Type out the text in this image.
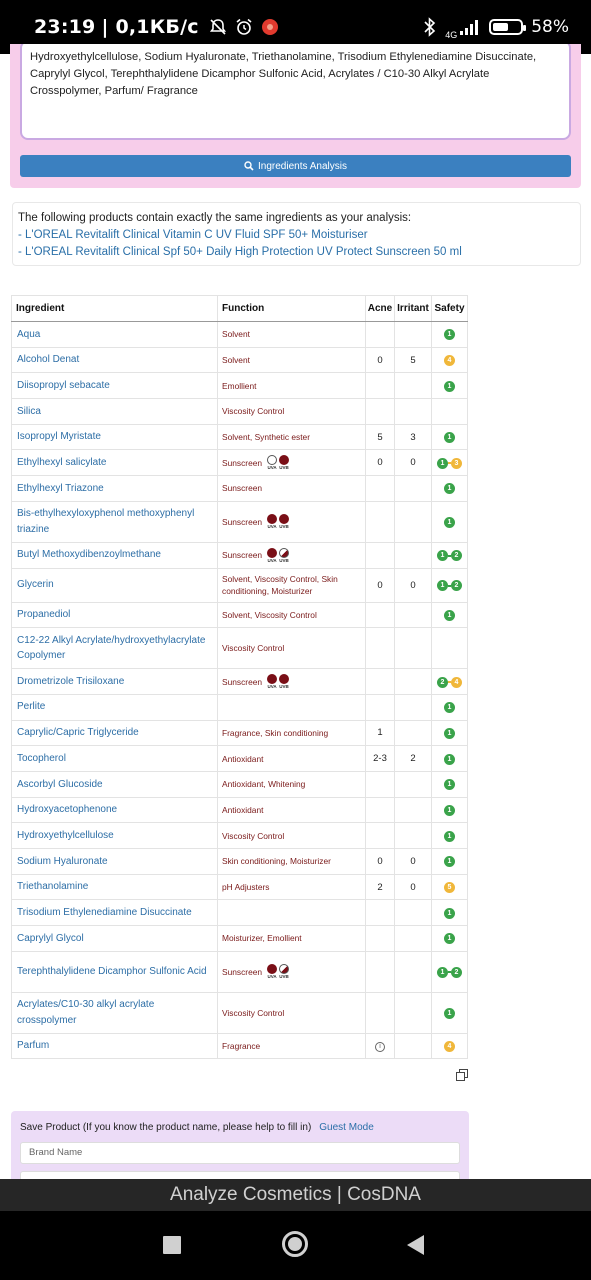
23:19 | 0,1КБ/с	4G	58%
Hydroxyethylcellulose, Sodium Hyaluronate, Triethanolamine, Trisodium Ethylenediamine Disuccinate, Caprylyl Glycol, Terephthalylidene Dicamphor Sulfonic Acid, Acrylates / C10-30 Alkyl Acrylate Crosspolymer, Parfum/ Fragrance
Ingredients Analysis
The following products contain exactly the same ingredients as your analysis:
- L'OREAL Revitalift Clinical Vitamin C UV Fluid SPF 50+ Moisturiser
- L'OREAL Revitalift Clinical Spf 50+ Daily High Protection UV Protect Sunscreen 50 ml
Ingredient	Function	Acne	Irritant	Safety
Aqua	Solvent			1

Alcohol Denat	Solvent	0	5	4

Diisopropyl sebacate	Emollient			1

Silica	Viscosity Control			

Isopropyl Myristate	Solvent, Synthetic ester	5	3	1

Ethylhexyl salicylate	Sunscreen UVA UVB	0	0	1 3

Ethylhexyl Triazone	Sunscreen			1

Bis-ethylhexyloxyphenol methoxyphenyl triazine	Sunscreen UVA UVB			1

Butyl Methoxydibenzoylmethane	Sunscreen UVA UVB			1 2

Glycerin	Solvent, Viscosity Control, Skin conditioning, Moisturizer	0	0	1 2

Propanediol	Solvent, Viscosity Control			1

C12-22 Alkyl Acrylate/hydroxyethylacrylate Copolymer	Viscosity Control			

Drometrizole Trisiloxane	Sunscreen UVA UVB			2 4

Perlite				1

Caprylic/Capric Triglyceride	Fragrance, Skin conditioning	1		1

Tocopherol	Antioxidant	2-3	2	1

Ascorbyl Glucoside	Antioxidant, Whitening			1

Hydroxyacetophenone	Antioxidant			1

Hydroxyethylcellulose	Viscosity Control			1

Sodium Hyaluronate	Skin conditioning, Moisturizer	0	0	1

Triethanolamine	pH Adjusters	2	0	5

Trisodium Ethylenediamine Disuccinate				1

Caprylyl Glycol	Moisturizer, Emollient			1

Terephthalylidene Dicamphor Sulfonic Acid	Sunscreen UVA UVB			1 2

Acrylates/C10-30 alkyl acrylate crosspolymer	Viscosity Control			1

Parfum	Fragrance	i		4
Save Product (If you know the product name, please help to fill in) Guest Mode
Brand Name
Analyze Cosmetics | CosDNA
